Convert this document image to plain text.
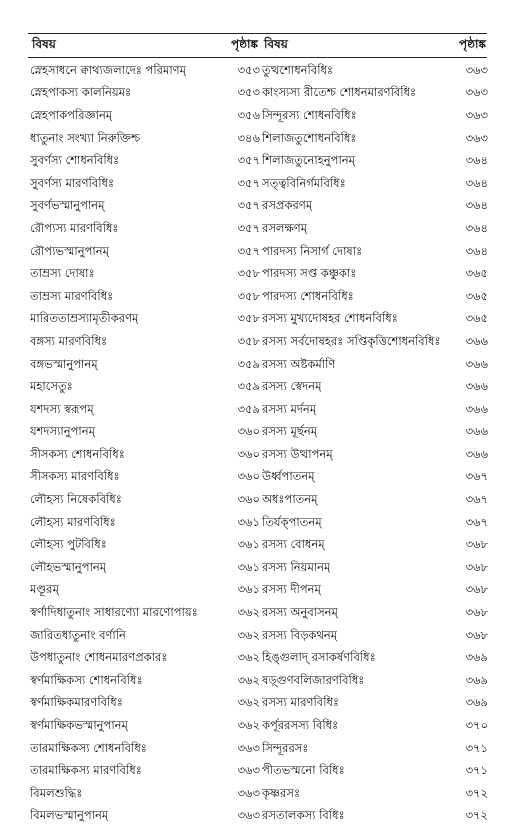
বিষয়	পৃষ্ঠাঙ্ক
স্নেহসাধনে ক্বাথ্যজলাদেঃ পরিমাণম্	৩৫৩
স্নেহপাকস্য কালনিয়মঃ	৩৫৩
স্নেহপাকপরিজ্ঞানম্	৩৫৬
ধাতুনাং সংখ্যা নিরুক্তিশ্চ	৩৪৬
সুবর্ণস্য শোধনবিধিঃ	৩৫৭
সুবর্ণস্য মারণবিধিঃ	৩৫৭
সুবর্ণভস্মানুপানম্	৩৫৭
রৌপ্যস্য মারণবিধিঃ	৩৫৭
রৌপ্যভস্মানুপানম্	৩৫৭
তাম্রস্য দোষাঃ	৩৫৮
তাম্রস্য মারণবিধিঃ	৩৫৮
মারিততাম্রস্যামৃতীকরণম্	৩৫৮
বঙ্গস্য মারণবিধিঃ	৩৫৮
বঙ্গভস্মানুপানম্	৩৫৯
মহাসেতুঃ	৩৫৯
যশদস্য স্বরূপম্	৩৫৯
যশদস্যানুপানম্	৩৬০
সীসকস্য শোধনবিধিঃ	৩৬০
সীসকস্য মারণবিধিঃ	৩৬০
লৌহস্য নিষেকবিধিঃ	৩৬০
লৌহস্য মারণবিধিঃ	৩৬১
লৌহস্য পুটবিধিঃ	৩৬১
লৌহভস্মানুপানম্	৩৬১
মণ্ডূরম্	৩৬১
স্বর্ণাদিধাতুনাং সাধারণ্যো মারণোপায়ঃ	৩৬২
জারিতধাতুনাং বর্ণানি	৩৬২
উপধাতুনাং শোধনমারণপ্রকারঃ	৩৬২
স্বর্ণমাক্ষিকস্য শোধনবিধিঃ	৩৬২
স্বর্ণমাক্ষিকমারণবিধিঃ	৩৬২
স্বর্ণমাক্ষিকভস্মানুপানম্	৩৬২
তারমাক্ষিকস্য শোধনবিধিঃ	৩৬৩
তারমাক্ষিকস্য মারণবিধিঃ	৩৬৩
বিমলশুদ্ধিঃ	৩৬৩
বিমলভস্মানুপানম্	৩৬৩
বিষয়	পৃষ্ঠাঙ্ক
তুত্থশোধনবিধিঃ	৩৬৩
কাংস্যস্য রীতেশ্চ শোধনমারণবিধিঃ	৩৬৩
সিন্দূরস্য শোধনবিধিঃ	৩৬৩
শিলাজতুশোধনবিধিঃ	৩৬৩
শিলাজতুনোহনুপানম্	৩৬৪
সত্ত্ববিনির্গমবিধিঃ	৩৬৪
রসপ্রকরণম্	৩৬৪
রসলক্ষণম্	৩৬৪
পারদস্য নিসার্গ দোষাঃ	৩৬৪
পারদস্য সপ্ত কঞ্চুকাঃ	৩৬৫
পারদস্য শোধনবিধিঃ	৩৬৫
রসস্য মুখ্যদোষহর শোধনবিধিঃ	৩৬৫
রসস্য সর্বদোষহরঃ সপ্তিকৃত্তিশোধনবিধিঃ ৩৬৬
রসস্য অষ্টকর্মাণি	৩৬৬
রসস্য স্বেদনম্	৩৬৬
রসস্য মর্দনম্	৩৬৬
রসস্য মূর্ছনম্	৩৬৬
রসস্য উত্থাপনম্	৩৬৬
উর্ধ্বপাতনম্	৩৬৭
অধঃপাতনম্	৩৬৭
তির্যক্পাতনম্	৩৬৭
রসস্য বোধনম্	৩৬৮
রসস্য নিয়মানম্	৩৬৮
রসস্য দীপনম্	৩৬৮
রসস্য অনুবাসনম্	৩৬৮
রসস্য বিড়কথনম্	৩৬৮
হিঙ্গুলাদ্ রসাকর্ষণবিধিঃ	৩৬৯
ষড়্গুণবলিজারণবিধিঃ	৩৬৯
রসস্য মারণবিধিঃ	৩৬৯
কর্পূররসস্য বিধিঃ	৩৭০
সিন্দূররসঃ	৩৭১
পীতভস্মনো বিধিঃ	৩৭১
কৃষ্ণরসঃ	৩৭২
রসতালকস্য বিধিঃ	৩৭২
